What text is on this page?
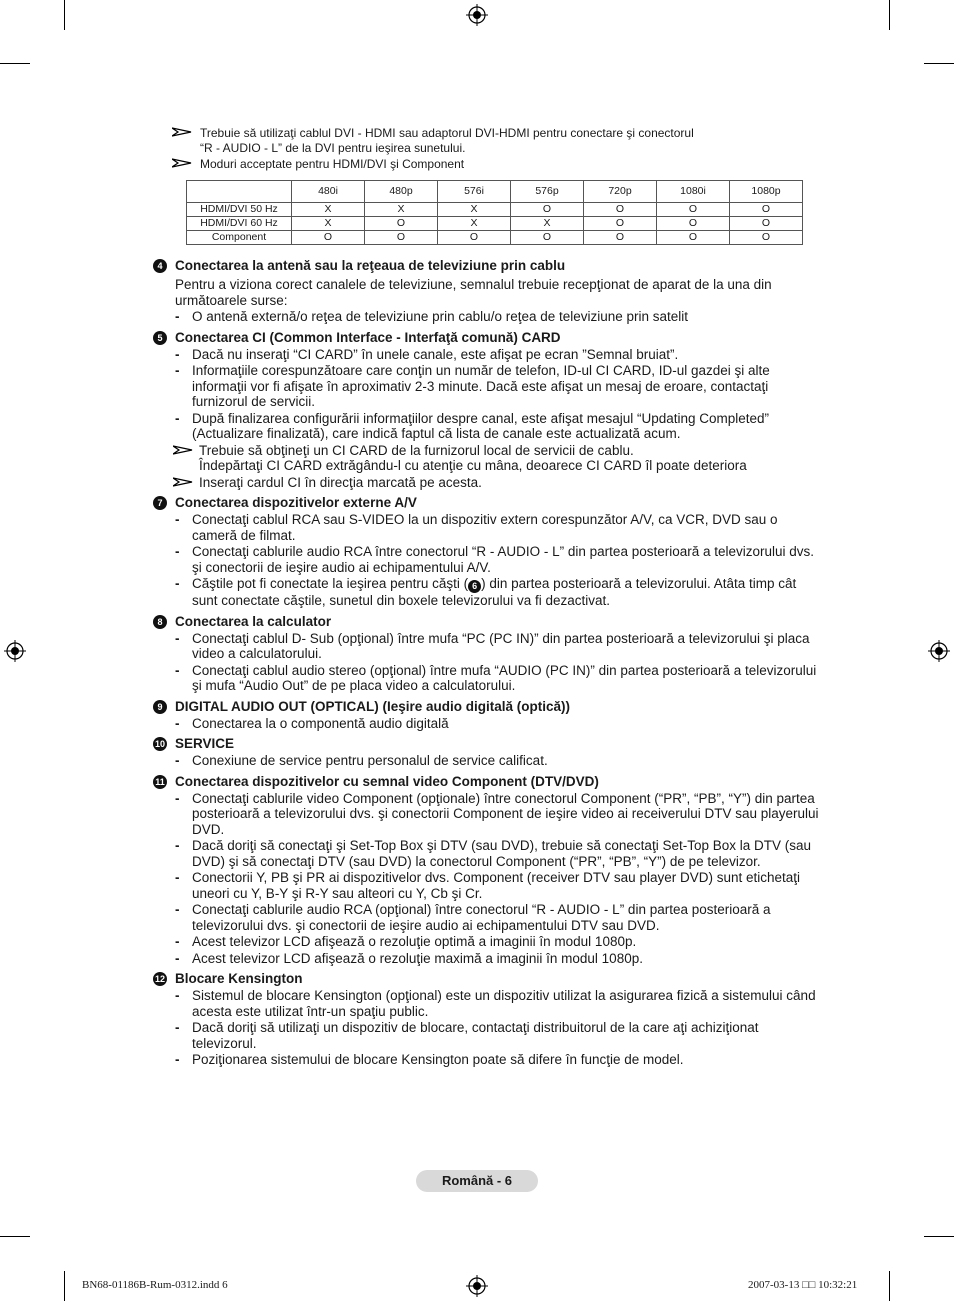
Trebuie să utilizaţi cablul DVI - HDMI sau adaptorul DVI-HDMI pentru conectare şi conectorul
“R - AUDIO - L” de la DVI pentru ieşirea sunetului.
Moduri acceptate pentru HDMI/DVI şi Component
	480i	480p	576i	576p	720p	1080i	1080p
HDMI/DVI 50 Hz	X	X	X	O	O	O	O
HDMI/DVI 60 Hz	X	O	X	X	O	O	O
Component	O	O	O	O	O	O	O
4 Conectarea la antenă sau la reţeaua de televiziune prin cablu
Pentru a viziona corect canalele de televiziune, semnalul trebuie recepţionat de aparat de la una din următoarele surse:
- O antenă externă/o reţea de televiziune prin cablu/o reţea de televiziune prin satelit
5 Conectarea CI (Common Interface - Interfaţă comună) CARD
- Dacă nu inseraţi “CI CARD” în unele canale, este afişat pe ecran ”Semnal bruiat”.
- Informaţiile corespunzătoare care conţin un număr de telefon, ID-ul CI CARD, ID-ul gazdei şi alte informaţii vor fi afişate în aproximativ 2-3 minute. Dacă este afişat un mesaj de eroare, contactaţi furnizorul de servicii.
- După finalizarea configurării informaţiilor despre canal, este afişat mesajul “Updating Completed” (Actualizare finalizată), care indică faptul că lista de canale este actualizată acum.
Trebuie să obţineţi un CI CARD de la furnizorul local de servicii de cablu.
Îndepărtaţi CI CARD extrăgându-l cu atenţie cu mâna, deoarece CI CARD îl poate deteriora
Inseraţi cardul CI în direcţia marcată pe acesta.
7 Conectarea dispozitivelor externe A/V
- Conectaţi cablul RCA sau S-VIDEO la un dispozitiv extern corespunzător A/V, ca VCR, DVD sau o cameră de filmat.
- Conectaţi cablurile audio RCA între conectorul “R - AUDIO - L” din partea posterioară a televizorului dvs. şi conectorii de ieşire audio ai echipamentului A/V.
- Căştile pot fi conectate la ieşirea pentru căşti ( 6 ) din partea posterioară a televizorului. Atâta timp cât sunt conectate căştile, sunetul din boxele televizorului va fi dezactivat.
8 Conectarea la calculator
- Conectaţi cablul D- Sub (opţional) între mufa “PC (PC IN)” din partea posterioară a televizorului şi placa video a calculatorului.
- Conectaţi cablul audio stereo (opţional) între mufa “AUDIO (PC IN)” din partea posterioară a televizorului şi mufa “Audio Out” de pe placa video a calculatorului.
9 DIGITAL AUDIO OUT (OPTICAL) (Ieşire audio digitală (optică))
- Conectarea la o componentă audio digitală
10 SERVICE
- Conexiune de service pentru personalul de service calificat.
11 Conectarea dispozitivelor cu semnal video Component (DTV/DVD)
- Conectaţi cablurile video Component (opţionale) între conectorul Component (“PR”, “PB”, “Y”) din partea posterioară a televizorului dvs. şi conectorii Component de ieşire video ai receiverului DTV sau playerului DVD.
- Dacă doriţi să conectaţi şi Set-Top Box şi DTV (sau DVD), trebuie să conectaţi Set-Top Box la DTV (sau DVD) şi să conectaţi DTV (sau DVD) la conectorul Component (“PR”, “PB”, “Y”) de pe televizor.
- Conectorii Y, PB şi PR ai dispozitivelor dvs. Component (receiver DTV sau player DVD) sunt etichetaţi uneori cu Y, B-Y şi R-Y sau alteori cu Y, Cb şi Cr.
- Conectaţi cablurile audio RCA (opţional) între conectorul “R - AUDIO - L” din partea posterioară a televizorului dvs. şi conectorii de ieşire audio ai echipamentului DTV sau DVD.
- Acest televizor LCD afişează o rezoluţie optimă a imaginii în modul 1080p.
- Acest televizor LCD afişează o rezoluţie maximă a imaginii în modul 1080p.
12 Blocare Kensington
- Sistemul de blocare Kensington (opţional) este un dispozitiv utilizat la asigurarea fizică a sistemului când acesta este utilizat într-un spaţiu public.
- Dacă doriţi să utilizaţi un dispozitiv de blocare, contactaţi distribuitorul de la care aţi achiziţionat televizorul.
- Poziţionarea sistemului de blocare Kensington poate să difere în funcţie de model.
Română - 6
BN68-01186B-Rum-0312.indd 6	2007-03-13 □□ 10:32:21
